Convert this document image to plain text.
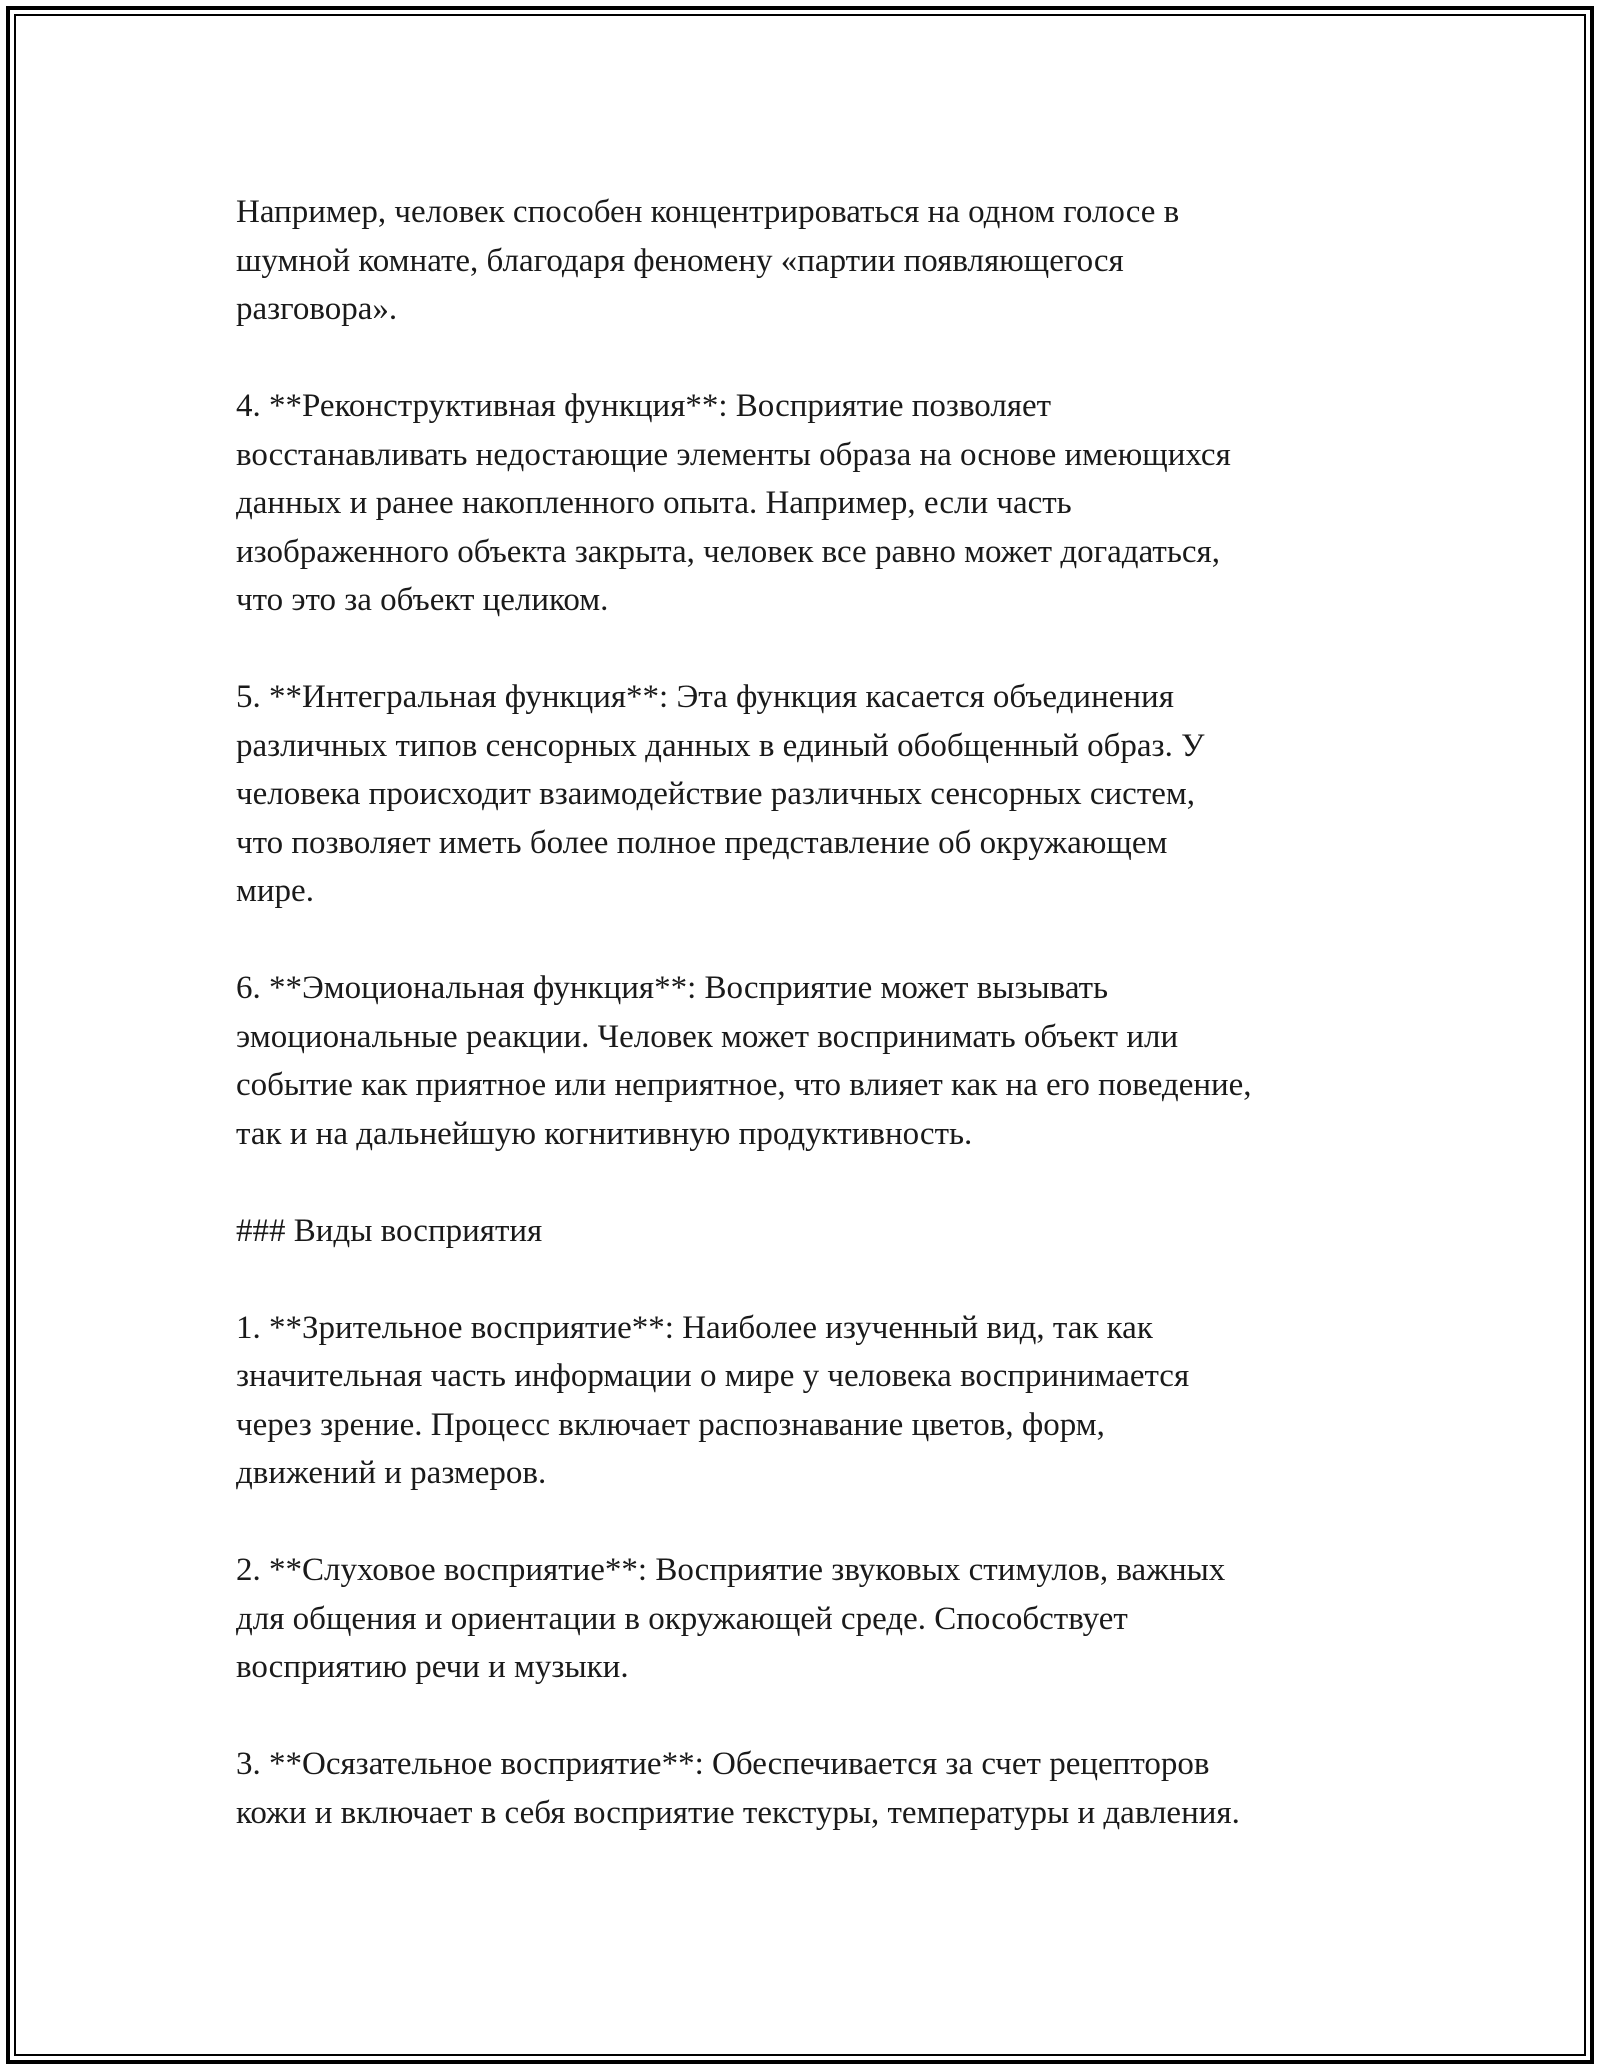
Например, человек способен концентрироваться на одном голосе в
шумной комнате, благодаря феномену «партии появляющегося
разговора».

4. **Реконструктивная функция**: Восприятие позволяет
восстанавливать недостающие элементы образа на основе имеющихся
данных и ранее накопленного опыта. Например, если часть
изображенного объекта закрыта, человек все равно может догадаться,
что это за объект целиком.

5. **Интегральная функция**: Эта функция касается объединения
различных типов сенсорных данных в единый обобщенный образ. У
человека происходит взаимодействие различных сенсорных систем,
что позволяет иметь более полное представление об окружающем
мире.

6. **Эмоциональная функция**: Восприятие может вызывать
эмоциональные реакции. Человек может воспринимать объект или
событие как приятное или неприятное, что влияет как на его поведение,
так и на дальнейшую когнитивную продуктивность.

### Виды восприятия

1. **Зрительное восприятие**: Наиболее изученный вид, так как
значительная часть информации о мире у человека воспринимается
через зрение. Процесс включает распознавание цветов, форм,
движений и размеров.

2. **Слуховое восприятие**: Восприятие звуковых стимулов, важных
для общения и ориентации в окружающей среде. Способствует
восприятию речи и музыки.

3. **Осязательное восприятие**: Обеспечивается за счет рецепторов
кожи и включает в себя восприятие текстуры, температуры и давления.
